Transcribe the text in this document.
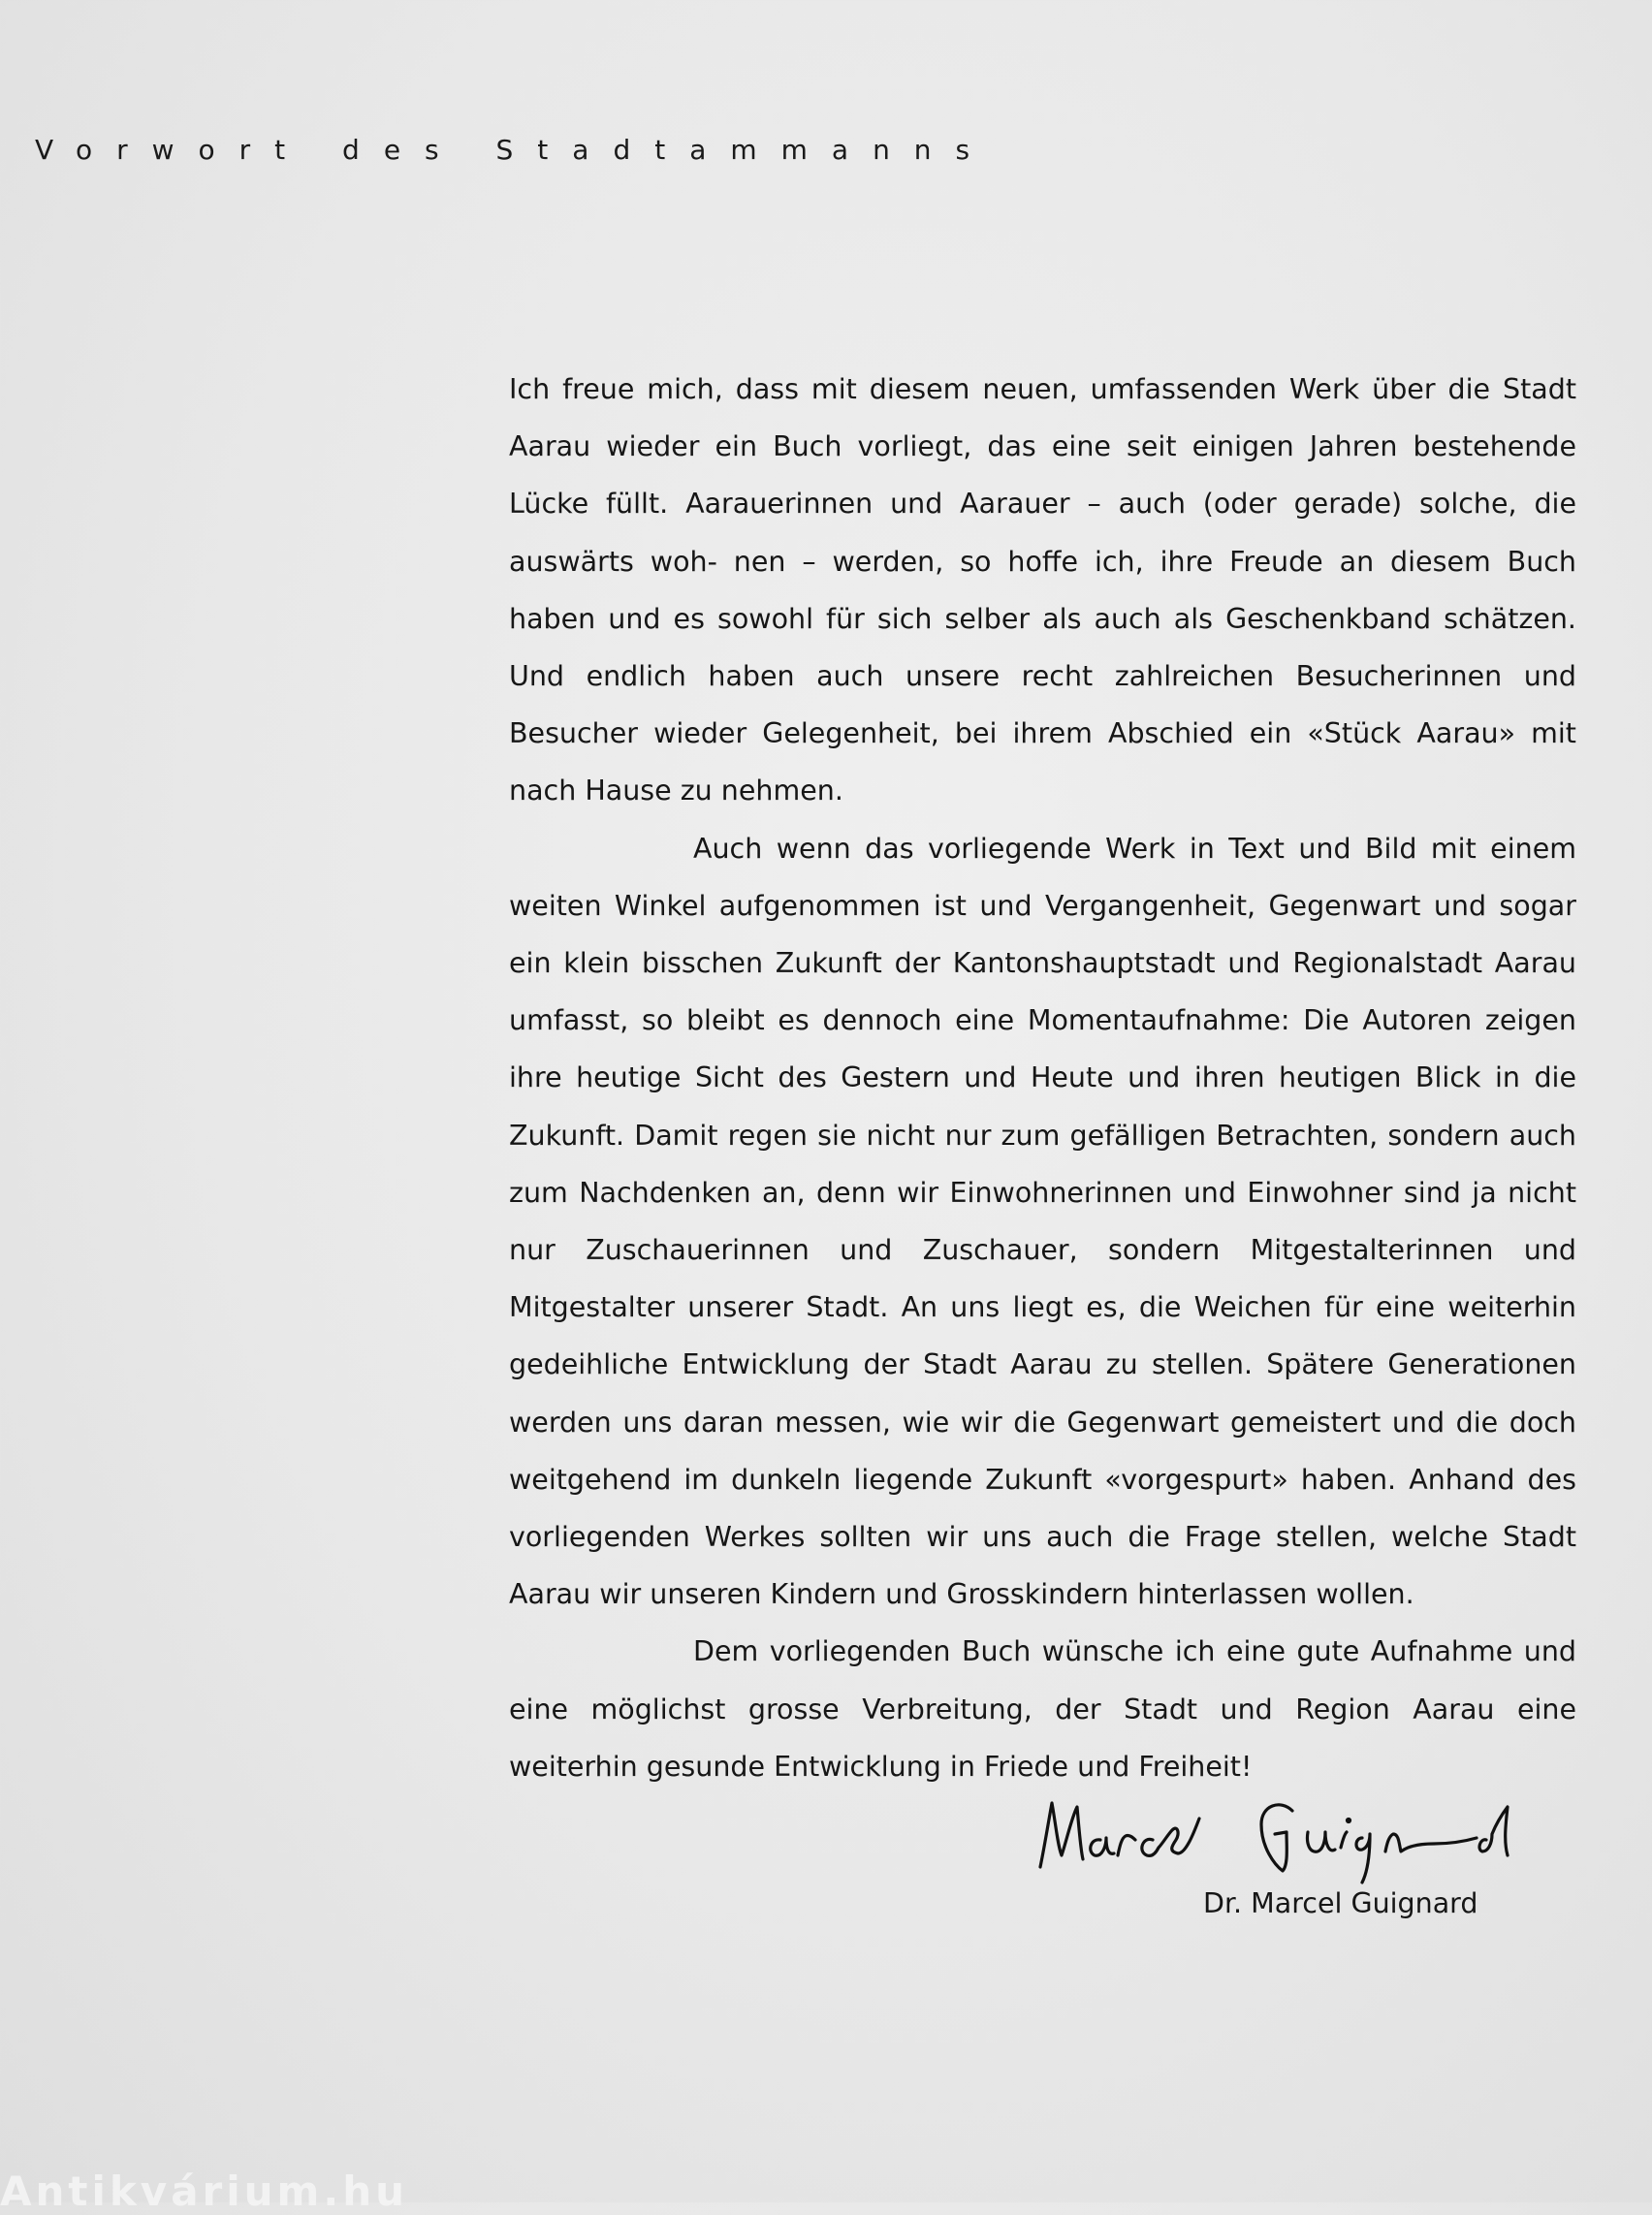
Vorwort des Stadtammanns

Ich freue mich, dass mit diesem neuen, umfassenden Werk über die Stadt Aarau wieder ein Buch vorliegt, das eine seit einigen Jahren bestehende Lücke füllt. Aarauerinnen und Aarauer – auch (oder gerade) solche, die auswärts woh- nen – werden, so hoffe ich, ihre Freude an diesem Buch haben und es sowohl für sich selber als auch als Geschenkband schätzen. Und endlich haben auch unsere recht zahlreichen Besucherinnen und Besucher wieder Gelegenheit, bei ihrem Abschied ein «Stück Aarau» mit nach Hause zu nehmen.

Auch wenn das vorliegende Werk in Text und Bild mit einem weiten Winkel aufgenommen ist und Vergangenheit, Gegenwart und sogar ein klein bisschen Zukunft der Kantonshauptstadt und Regionalstadt Aarau umfasst, so bleibt es dennoch eine Momentaufnahme: Die Autoren zeigen ihre heutige Sicht des Gestern und Heute und ihren heutigen Blick in die Zukunft. Damit regen sie nicht nur zum gefälligen Betrachten, sondern auch zum Nachdenken an, denn wir Einwohnerinnen und Einwohner sind ja nicht nur Zuschauerinnen und Zuschauer, sondern Mitgestalterinnen und Mitgestalter unserer Stadt. An uns liegt es, die Weichen für eine weiterhin gedeihliche Entwicklung der Stadt Aarau zu stellen. Spätere Generationen werden uns daran messen, wie wir die Gegenwart gemeistert und die doch weitgehend im dunkeln liegende Zukunft «vorgespurt» haben. Anhand des vorliegenden Werkes sollten wir uns auch die Frage stellen, welche Stadt Aarau wir unseren Kindern und Grosskindern hinterlassen wollen.

Dem vorliegenden Buch wünsche ich eine gute Aufnahme und eine möglichst grosse Verbreitung, der Stadt und Region Aarau eine weiterhin gesunde Entwicklung in Friede und Freiheit!

Dr. Marcel Guignard

Antikvárium.hu
